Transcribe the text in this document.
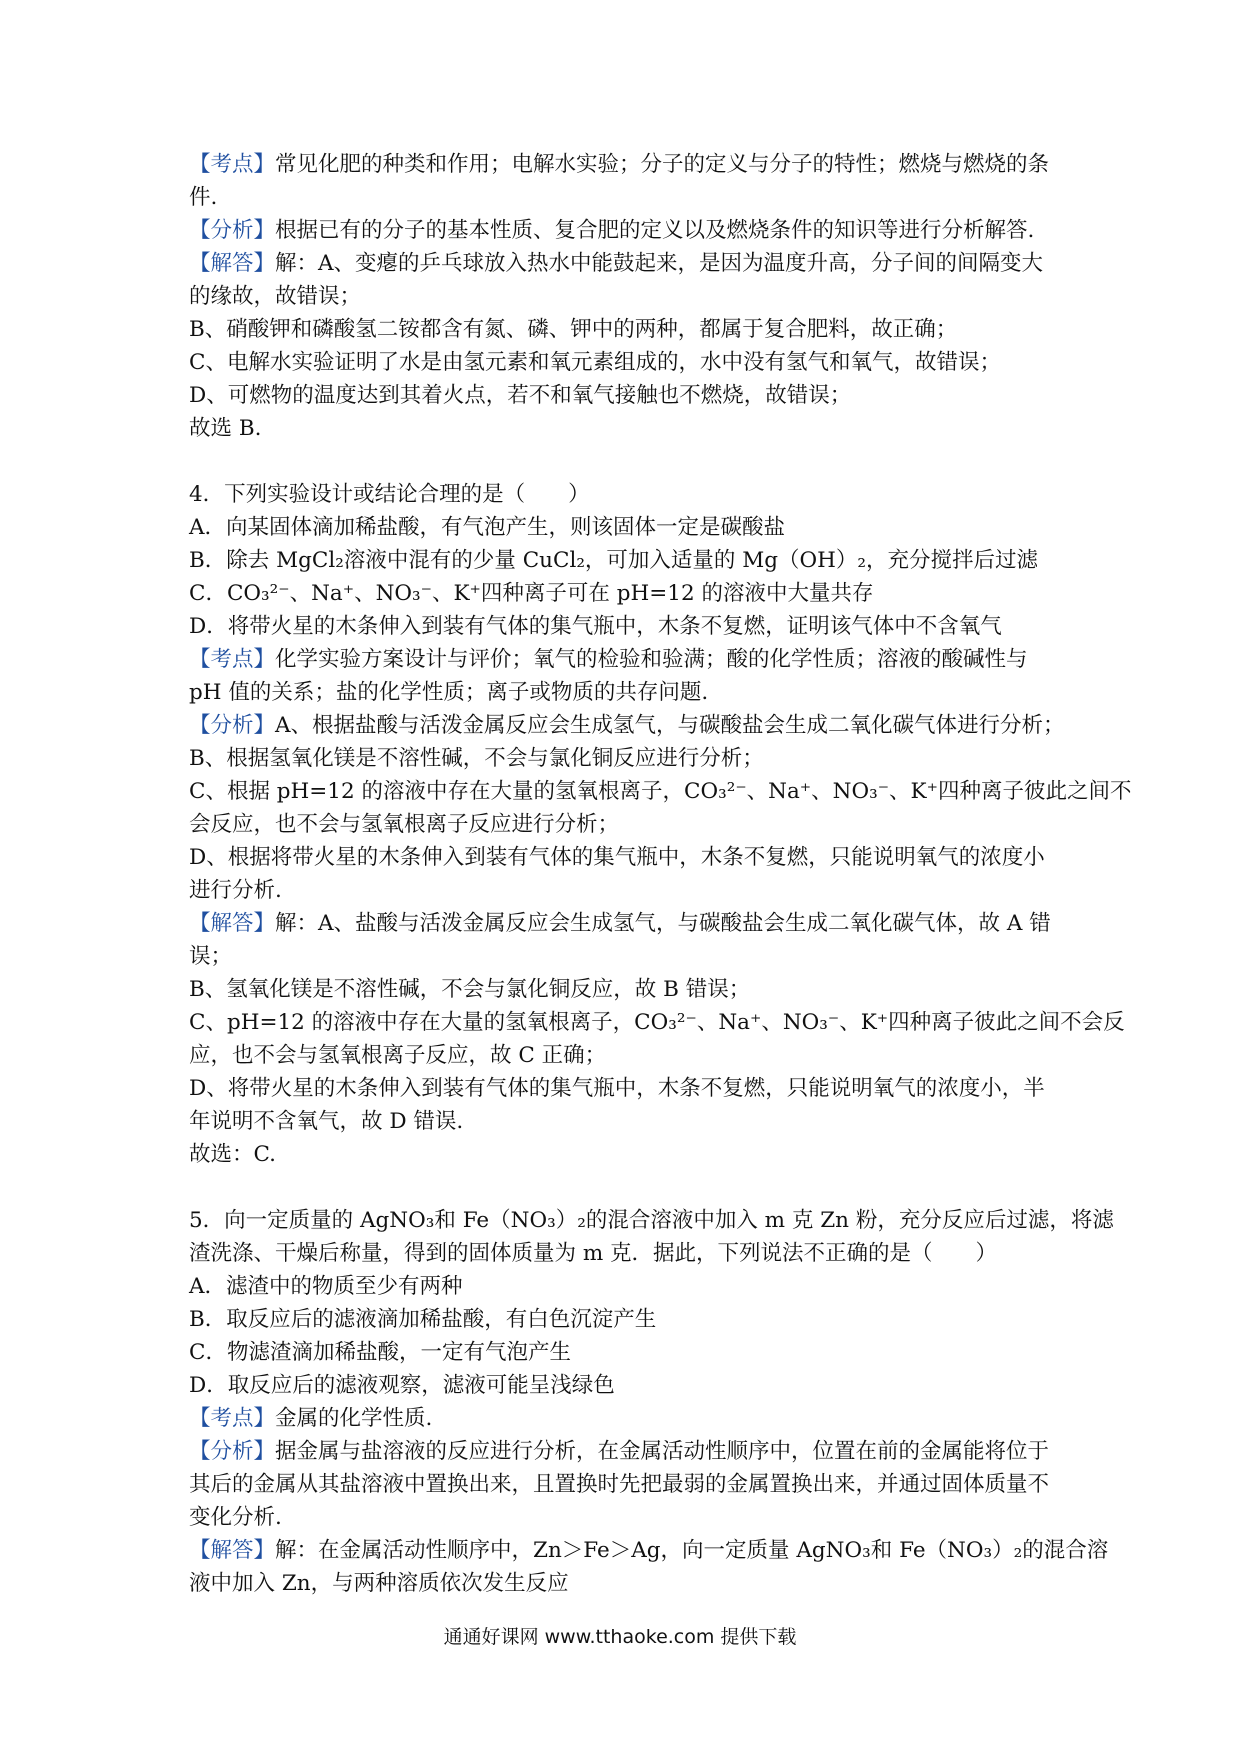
【考点】常见化肥的种类和作用；电解水实验；分子的定义与分子的特性；燃烧与燃烧的条
件.
【分析】根据已有的分子的基本性质、复合肥的定义以及燃烧条件的知识等进行分析解答.
【解答】解：A、变瘪的乒乓球放入热水中能鼓起来，是因为温度升高，分子间的间隔变大
的缘故，故错误；
B、硝酸钾和磷酸氢二铵都含有氮、磷、钾中的两种，都属于复合肥料，故正确；
C、电解水实验证明了水是由氢元素和氧元素组成的，水中没有氢气和氧气，故错误；
D、可燃物的温度达到其着火点，若不和氧气接触也不燃烧，故错误；
故选 B.
4．下列实验设计或结论合理的是（　　）
A．向某固体滴加稀盐酸，有气泡产生，则该固体一定是碳酸盐
B．除去 MgCl₂溶液中混有的少量 CuCl₂，可加入适量的 Mg（OH）₂，充分搅拌后过滤
C．CO₃²⁻、Na⁺、NO₃⁻、K⁺四种离子可在 pH=12 的溶液中大量共存
D．将带火星的木条伸入到装有气体的集气瓶中，木条不复燃，证明该气体中不含氧气
【考点】化学实验方案设计与评价；氧气的检验和验满；酸的化学性质；溶液的酸碱性与
pH 值的关系；盐的化学性质；离子或物质的共存问题.
【分析】A、根据盐酸与活泼金属反应会生成氢气，与碳酸盐会生成二氧化碳气体进行分析；
B、根据氢氧化镁是不溶性碱，不会与氯化铜反应进行分析；
C、根据 pH=12 的溶液中存在大量的氢氧根离子，CO₃²⁻、Na⁺、NO₃⁻、K⁺四种离子彼此之间不
会反应，也不会与氢氧根离子反应进行分析；
D、根据将带火星的木条伸入到装有气体的集气瓶中，木条不复燃，只能说明氧气的浓度小
进行分析.
【解答】解：A、盐酸与活泼金属反应会生成氢气，与碳酸盐会生成二氧化碳气体，故 A 错
误；
B、氢氧化镁是不溶性碱，不会与氯化铜反应，故 B 错误；
C、pH=12 的溶液中存在大量的氢氧根离子，CO₃²⁻、Na⁺、NO₃⁻、K⁺四种离子彼此之间不会反
应，也不会与氢氧根离子反应，故 C 正确；
D、将带火星的木条伸入到装有气体的集气瓶中，木条不复燃，只能说明氧气的浓度小，半
年说明不含氧气，故 D 错误.
故选：C.
5．向一定质量的 AgNO₃和 Fe（NO₃）₂的混合溶液中加入 m 克 Zn 粉，充分反应后过滤，将滤
渣洗涤、干燥后称量，得到的固体质量为 m 克．据此，下列说法不正确的是（　　）
A．滤渣中的物质至少有两种
B．取反应后的滤液滴加稀盐酸，有白色沉淀产生
C．物滤渣滴加稀盐酸，一定有气泡产生
D．取反应后的滤液观察，滤液可能呈浅绿色
【考点】金属的化学性质.
【分析】据金属与盐溶液的反应进行分析，在金属活动性顺序中，位置在前的金属能将位于
其后的金属从其盐溶液中置换出来，且置换时先把最弱的金属置换出来，并通过固体质量不
变化分析.
【解答】解：在金属活动性顺序中，Zn＞Fe＞Ag，向一定质量 AgNO₃和 Fe（NO₃）₂的混合溶
液中加入 Zn，与两种溶质依次发生反应
通通好课网 www.tthaoke.com 提供下载
